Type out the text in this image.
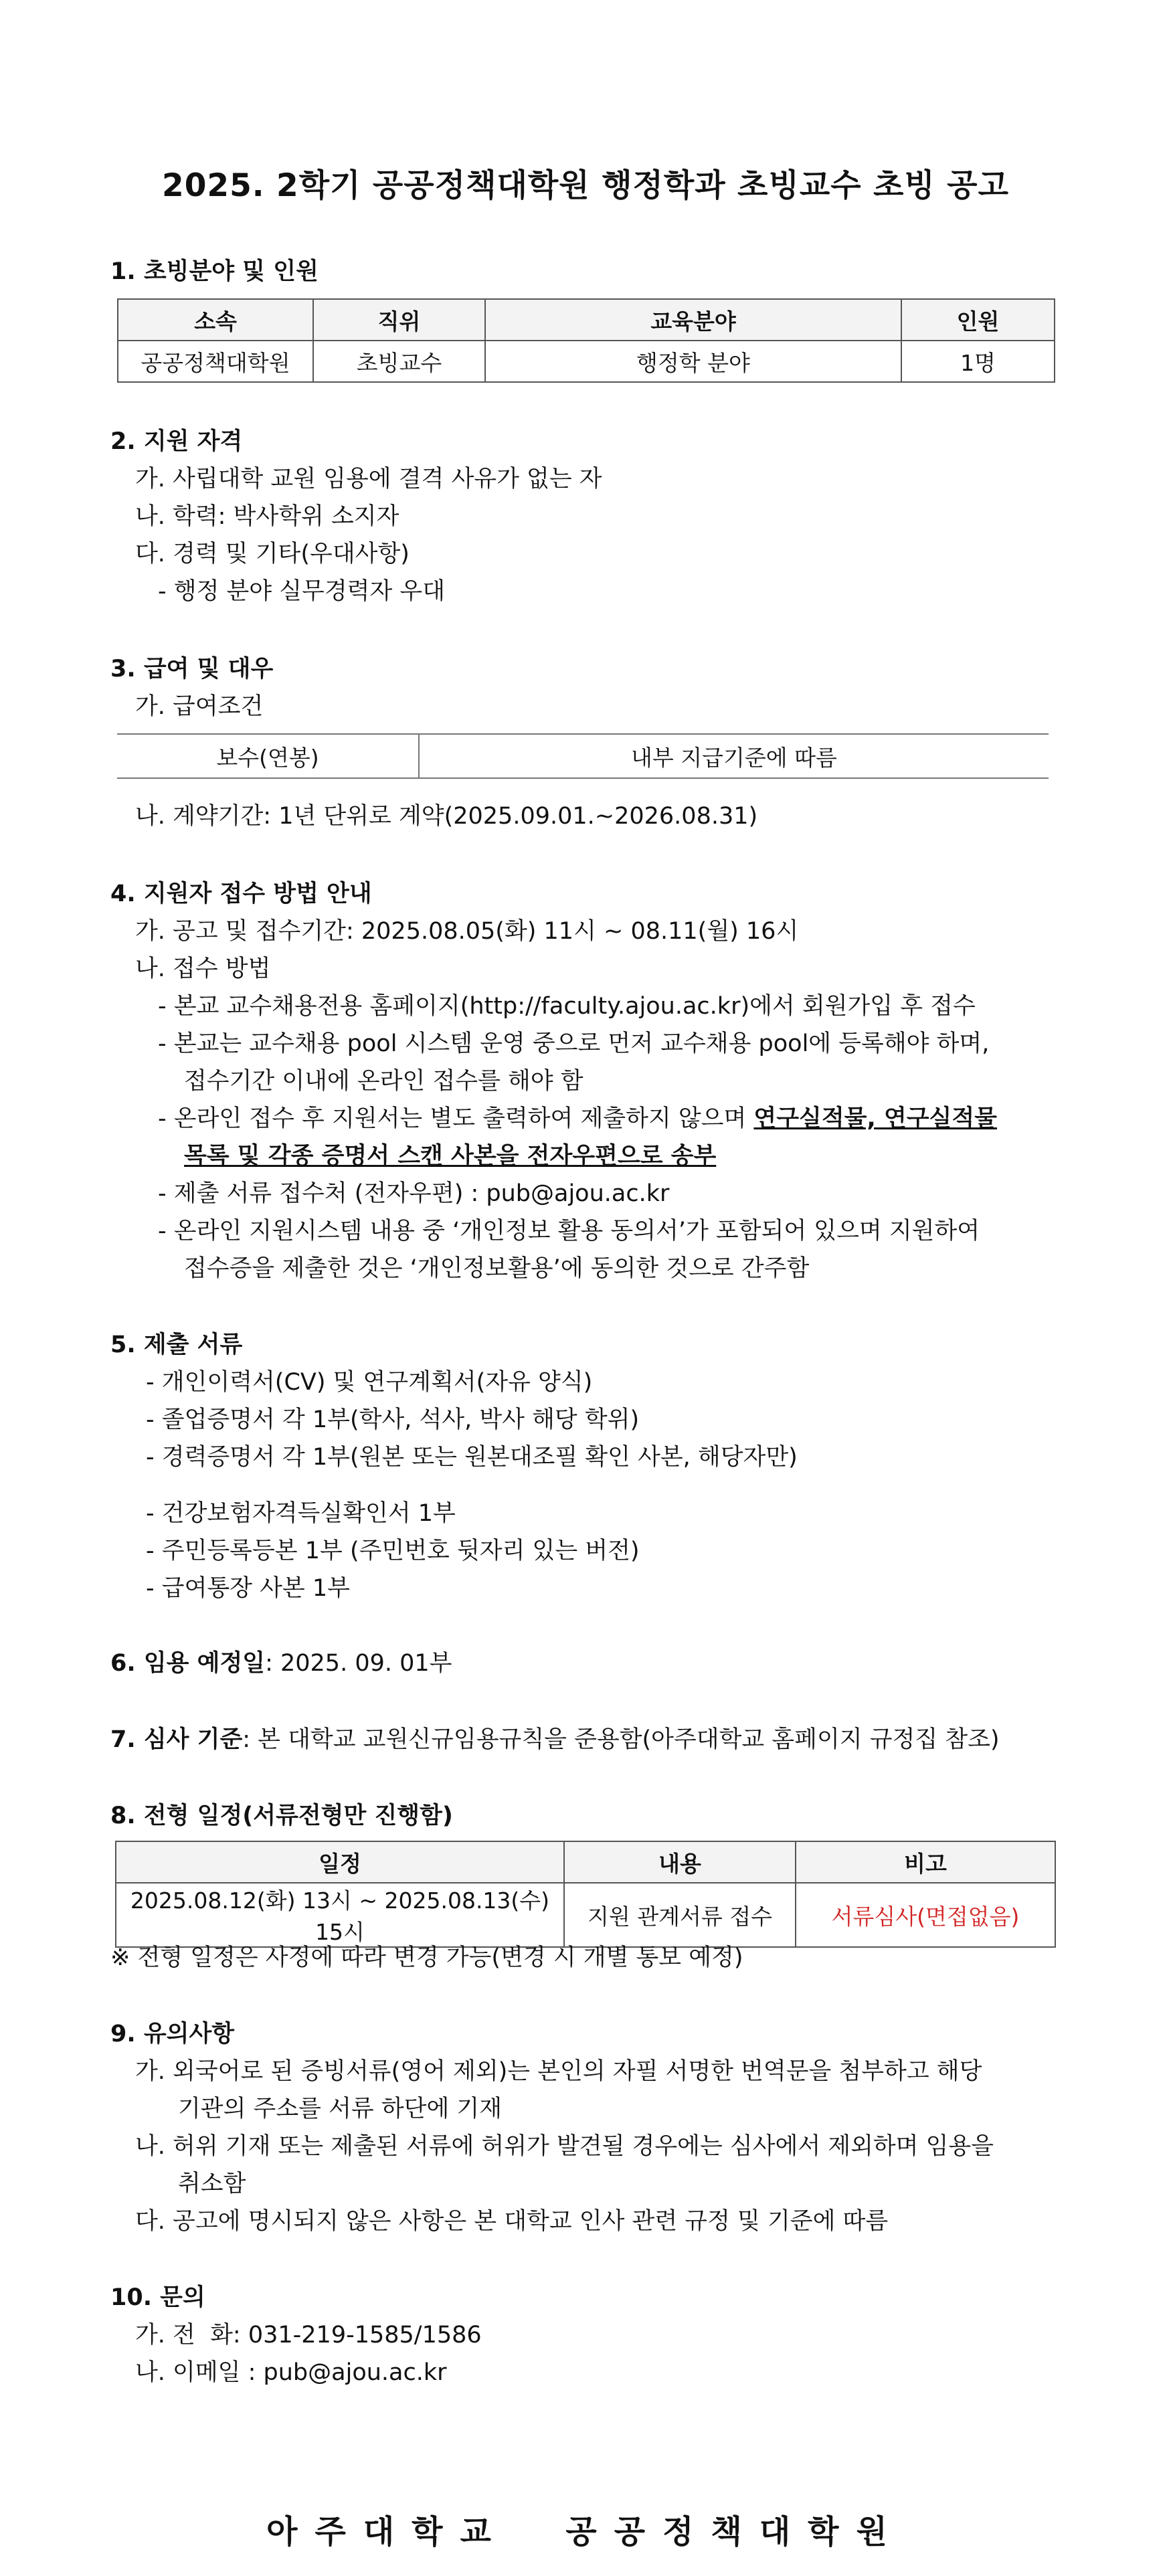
2025. 2학기 공공정책대학원 행정학과 초빙교수 초빙 공고
1. 초빙분야 및 인원
소속	직위	교육분야	인원
공공정책대학원	초빙교수	행정학 분야	1명
2. 지원 자격
가. 사립대학 교원 임용에 결격 사유가 없는 자
나. 학력: 박사학위 소지자
다. 경력 및 기타(우대사항)
- 행정 분야 실무경력자 우대
3. 급여 및 대우
가. 급여조건
보수(연봉)	내부 지급기준에 따름
나. 계약기간: 1년 단위로 계약(2025.09.01.~2026.08.31)
4. 지원자 접수 방법 안내
가. 공고 및 접수기간: 2025.08.05(화) 11시 ~ 08.11(월) 16시
나. 접수 방법
- 본교 교수채용전용 홈페이지(http://faculty.ajou.ac.kr)에서 회원가입 후 접수
- 본교는 교수채용 pool 시스템 운영 중으로 먼저 교수채용 pool에 등록해야 하며,
접수기간 이내에 온라인 접수를 해야 함
- 온라인 접수 후 지원서는 별도 출력하여 제출하지 않으며 연구실적물, 연구실적물
목록 및 각종 증명서 스캔 사본을 전자우편으로 송부
- 제출 서류 접수처 (전자우편) : pub@ajou.ac.kr
- 온라인 지원시스템 내용 중 ‘개인정보 활용 동의서’가 포함되어 있으며 지원하여
접수증을 제출한 것은 ‘개인정보활용’에 동의한 것으로 간주함
5. 제출 서류
- 개인이력서(CV) 및 연구계획서(자유 양식)
- 졸업증명서 각 1부(학사, 석사, 박사 해당 학위)
- 경력증명서 각 1부(원본 또는 원본대조필 확인 사본, 해당자만)
- 건강보험자격득실확인서 1부
- 주민등록등본 1부 (주민번호 뒷자리 있는 버전)
- 급여통장 사본 1부
6. 임용 예정일: 2025. 09. 01부
7. 심사 기준: 본 대학교 교원신규임용규칙을 준용함(아주대학교 홈페이지 규정집 참조)
8. 전형 일정(서류전형만 진행함)
일정	내용	비고
2025.08.12(화) 13시 ~ 2025.08.13(수) 15시	지원 관계서류 접수	서류심사(면접없음)
※ 전형 일정은 사정에 따라 변경 가능(변경 시 개별 통보 예정)
9. 유의사항
가. 외국어로 된 증빙서류(영어 제외)는 본인의 자필 서명한 번역문을 첨부하고 해당
기관의 주소를 서류 하단에 기재
나. 허위 기재 또는 제출된 서류에 허위가 발견될 경우에는 심사에서 제외하며 임용을
취소함
다. 공고에 명시되지 않은 사항은 본 대학교 인사 관련 규정 및 기준에 따름
10. 문의
가. 전  화: 031-219-1585/1586
나. 이메일 : pub@ajou.ac.kr
아주대학교  공공정책대학원
